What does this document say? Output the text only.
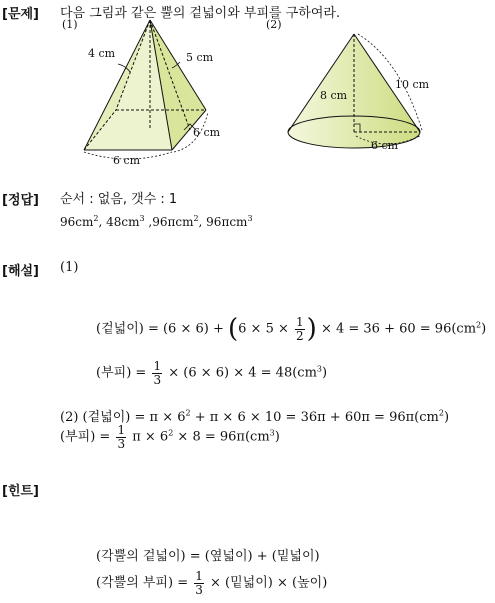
[문제] 다음 그림과 같은 뿔의 겉넓이와 부피를 구하여라.
(1)	(2)
4 cm	5 cm
6 cm
6 cm
8 cm
10 cm
6 cm
[정답] 순서 : 없음, 갯수 : 1
$96cm^2$, $48cm^3$ ,96πcm$^2$, 96πcm$^3$
[해설] (1)
(겉넓이) = $(6 \times 6) + (6 \times 5 \times \frac{1}{2}$ ) × $4 = 36 + 60 = 96(cm^2)$
(부피) = $\frac{1}{3} \times (6 \times 6) \times 4 = 48(cm^3)$
(2) (겉넓이) = $\pi \times 6^2 + \pi \times 6 \times 10 = 36\pi + 60\pi = 96\pi(cm^2)$
(부피) = $\frac{1}{3}$ $\pi \times 6^2 \times 8 = 96\pi(cm^3)$
[힌트]
(각뿔의 겉넓이) = (옆넓이) + (밑넓이)
(각뿔의 부피) = $\frac{1}{3}$ × (밑넓이) × (높이)
